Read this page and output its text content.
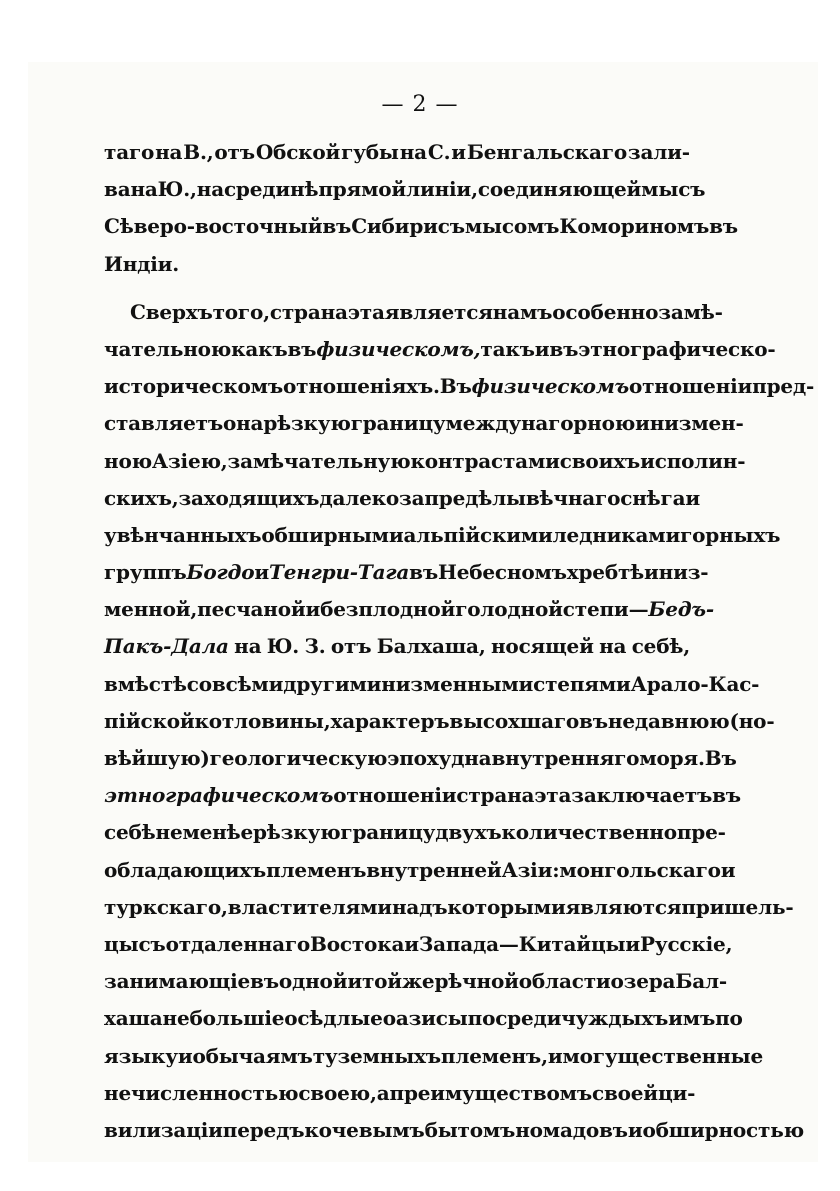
— 2 —
таго на В., отъ Обской губы на С. и Бенгальскаго зали-
ва на Ю., на срединѣ прямой линіи, соединяющей мысъ
Сѣверо-восточный въ Сибири съ мысомъ Комориномъ въ
Индіи.
Сверхъ того, страна эта является намъ особенно замѣ-
чательною какъ въ физическомъ, такъ и въ этнографическо-
историческомъ отношеніяхъ. Въ физическомъ отношеніи пред-
ставляетъ она рѣзкую границу между нагорною и низмен-
ною Азіею, замѣчательную контрастами своихъ исполин-
скихъ, заходящихъ далеко за предѣлы вѣчнаго снѣга и
увѣнчанныхъ обширными альпійскими ледниками горныхъ
группъ Богдо и Тенгри-Тага въ Небесномъ хребтѣ и низ-
менной, песчаной и безплодной голодной степи — Бедъ-
Пакъ-Дала на Ю. З. отъ Балхаша, носящей на себѣ,
вмѣстѣ со всѣми другими низменными степями Арало-Кас-
пійской котловины, характеръ высохшаго въ недавнюю (но-
вѣйшую) геологическую эпоху дна внутренняго моря. Въ
этнографическомъ отношеніи страна эта заключаетъ въ
себѣ не менѣе рѣзкую границу двухъ количественно пре-
обладающихъ племенъ внутренней Азіи: монгольскаго и
туркскаго, властителями надъ которыми являются пришель-
цы съ отдаленнаго Востока и Запада—Китайцы и Русскіе,
занимающіе въ одной и той же рѣчной области озера Бал-
хаша небольшіе осѣдлые оазисы посреди чуждыхъ имъ по
языку и обычаямъ туземныхъ племенъ, и могущественные
не численностью своею, а преимуществомъ своей ци-
вилизаціи передъ кочевымъ бытомъ номадовъ и обширностью
